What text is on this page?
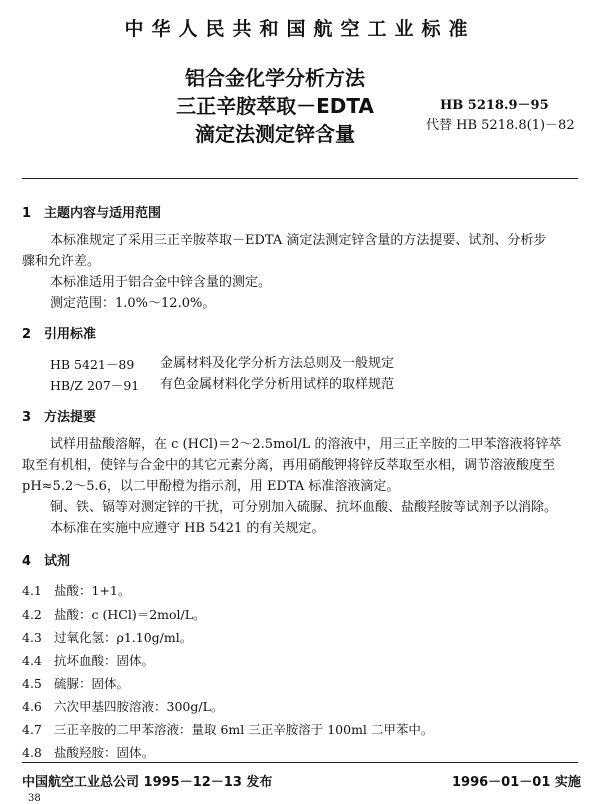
中华人民共和国航空工业标准
铝合金化学分析方法
三正辛胺萃取－EDTA
滴定法测定锌含量
HB 5218.9－95
代替 HB 5218.8(1)－82
1　主题内容与适用范围
本标准规定了采用三正辛胺萃取－EDTA 滴定法测定锌含量的方法提要、试剂、分析步
骤和允许差。
本标准适用于铝合金中锌含量的测定。
测定范围：1.0%～12.0%。
2　引用标准
HB 5421－89 金属材料及化学分析方法总则及一般规定
HB/Z 207－91 有色金属材料化学分析用试样的取样规范
3　方法提要
试样用盐酸溶解，在 c (HCl)＝2～2.5mol/L 的溶液中，用三正辛胺的二甲苯溶液将锌萃
取至有机相，使锌与合金中的其它元素分离，再用硝酸钾将锌反萃取至水相，调节溶液酸度至
pH≈5.2～5.6，以二甲酚橙为指示剂，用 EDTA 标准溶液滴定。
铜、铁、镉等对测定锌的干扰，可分别加入硫脲、抗坏血酸、盐酸羟胺等试剂予以消除。
本标准在实施中应遵守 HB 5421 的有关规定。
4　试剂
4.1 盐酸：1+1。
4.2 盐酸：c (HCl)＝2mol/L。
4.3 过氧化氢：ρ1.10g/ml。
4.4 抗坏血酸：固体。
4.5 硫脲：固体。
4.6 六次甲基四胺溶液：300g/L。
4.7 三正辛胺的二甲苯溶液：量取 6ml 三正辛胺溶于 100ml 二甲苯中。
4.8 盐酸羟胺：固体。
中国航空工业总公司 1995－12－13 发布	1996－01－01 实施
38
